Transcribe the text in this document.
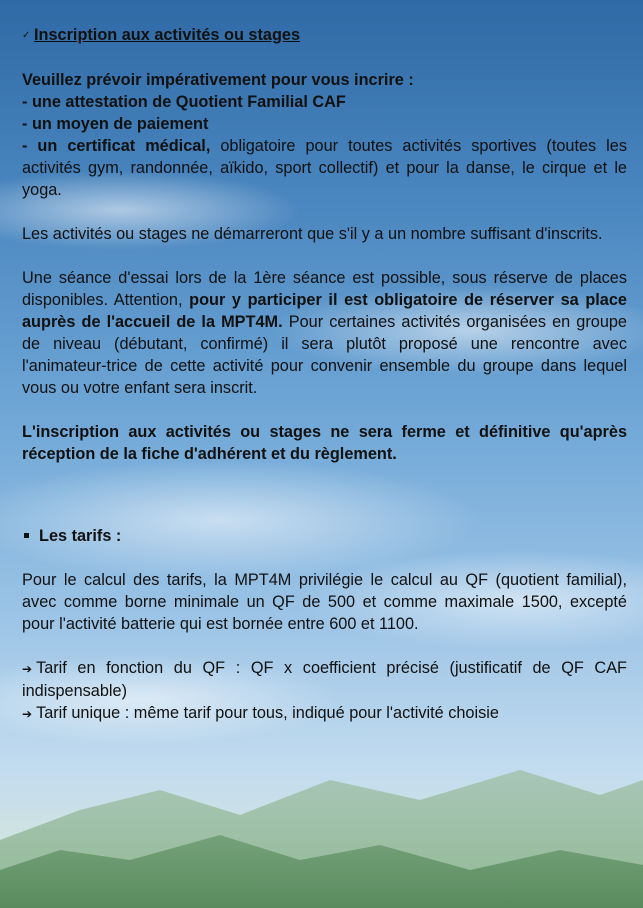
✓ Inscription aux activités ou stages

Veuillez prévoir impérativement pour vous incrire :

- une attestation de Quotient Familial CAF

- un moyen de paiement

- un certificat médical, obligatoire pour toutes activités sportives (toutes les activités gym, randonnée, aïkido, sport collectif) et pour la danse, le cirque et le yoga.

Les activités ou stages ne démarreront que s'il y a un nombre suffisant d'inscrits.

Une séance d'essai lors de la 1ère séance est possible, sous réserve de places disponibles. Attention, pour y participer il est obligatoire de réserver sa place auprès de l'accueil de la MPT4M. Pour certaines activités organisées en groupe de niveau (débutant, confirmé) il sera plutôt proposé une rencontre avec l'animateur-trice de cette activité pour convenir ensemble du groupe dans lequel vous ou votre enfant sera inscrit.

L'inscription aux activités ou stages ne sera ferme et définitive qu'après réception de la fiche d'adhérent et du règlement.

Les tarifs :

Pour le calcul des tarifs, la MPT4M privilégie le calcul au QF (quotient familial), avec comme borne minimale un QF de 500 et comme maximale 1500, excepté pour l'activité batterie qui est bornée entre 600 et 1100.

➔ Tarif en fonction du QF : QF x coefficient précisé (justificatif de QF CAF indispensable)

➔ Tarif unique : même tarif pour tous, indiqué pour l'activité choisie
